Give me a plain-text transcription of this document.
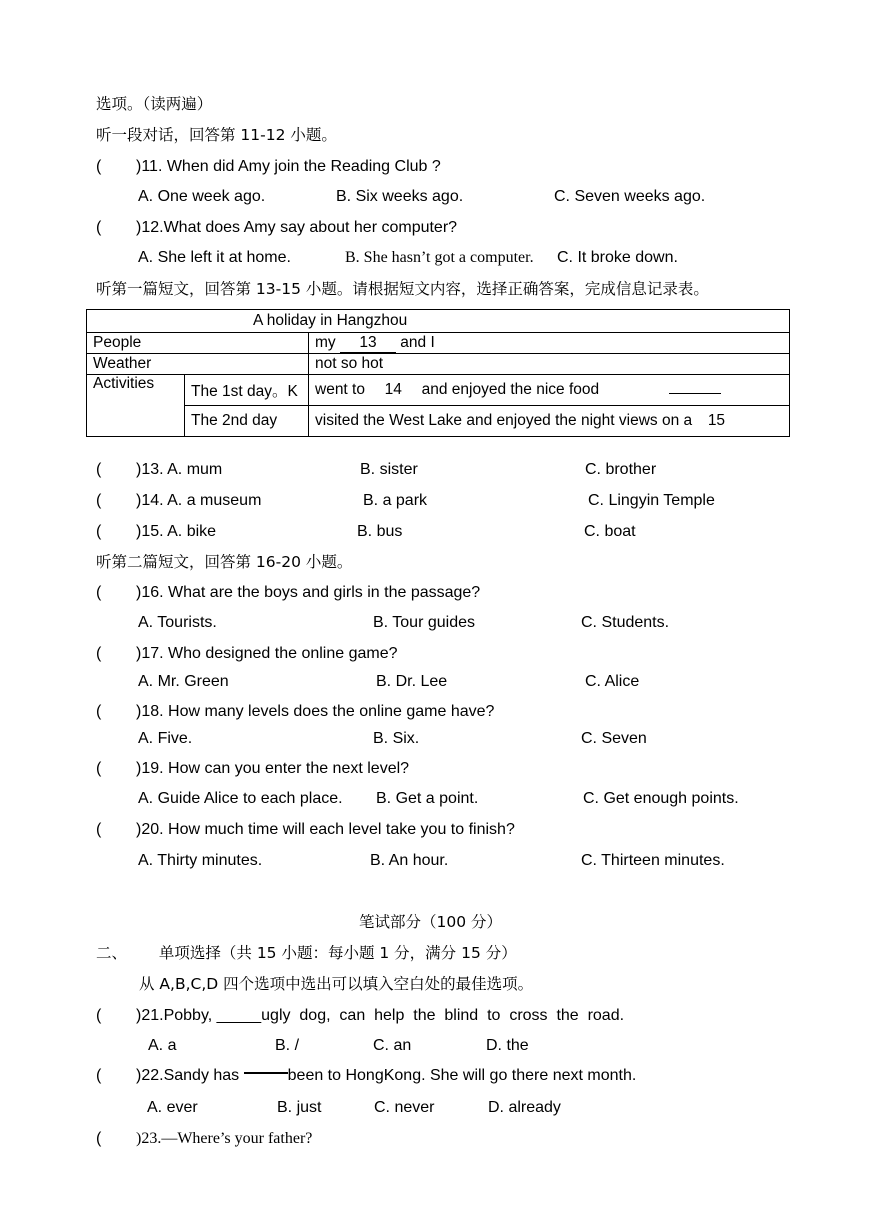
选项。（读两遍）
听一段对话，回答第 11-12 小题。
( )11. When did Amy join the Reading Club ?
A. One week ago.	B. Six weeks ago.	C. Seven weeks ago.
( )12.What does Amy say about her computer?
A. She left it at home.	B. She hasn’t got a computer. C. It broke down.
听第一篇短文，回答第 13-15 小题。请根据短文内容，选择正确答案，完成信息记录表。
A holiday in Hangzhou		
People		my 13 and I
Weather		not so hot
Activities	The 1st day。K	went to 14 and enjoyed the nice food
	The 2nd day	visited the West Lake and enjoyed the night views on a 15
( )13. A. mum	B. sister	C. brother
( )14. A. a museum	B. a park	C. Lingyin Temple
( )15. A. bike	B. bus	C. boat
听第二篇短文，回答第 16-20 小题。
( )16. What are the boys and girls in the passage?
A. Tourists.	B. Tour guides	C. Students.
( )17. Who designed the online game?
A. Mr. Green	B. Dr. Lee	C. Alice
( )18. How many levels does the online game have?
A. Five.	B. Six.	C. Seven
( )19. How can you enter the next level?
A. Guide Alice to each place. B. Get a point.	C. Get enough points.
( )20. How much time will each level take you to finish?
A. Thirty minutes.	B. An hour.	C. Thirteen minutes.
笔试部分（100 分）
二、 单项选择（共 15 小题：每小题 1 分，满分 15 分）
从 A,B,C,D 四个选项中选出可以填入空白处的最佳选项。
( )21.Pobby, _____ugly  dog,  can  help  the  blind  to  cross  the  road.
A. a	B. /	C. an	D. the
( )22.Sandy has	been to HongKong. She will go there next month.
A. ever	B. just	C. never	D. already
( )23.—Where’s your father?
